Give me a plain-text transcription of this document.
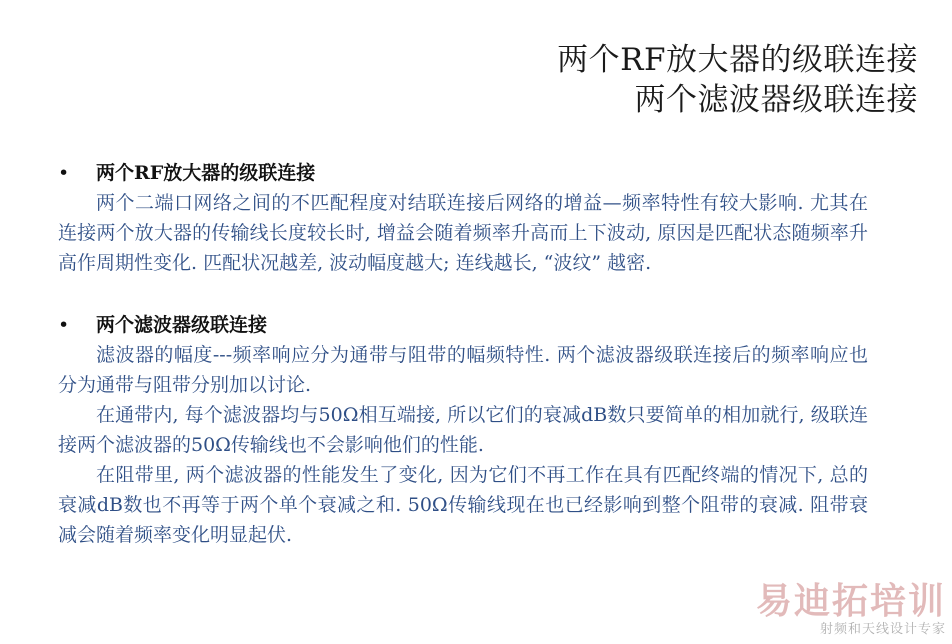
两个RF放大器的级联连接
两个滤波器级联连接
• 两个RF放大器的级联连接

两个二端口网络之间的不匹配程度对结联连接后网络的增益—频率特性有较大影响. 尤其在连接两个放大器的传输线长度较长时, 增益会随着频率升高而上下波动, 原因是匹配状态随频率升高作周期性变化. 匹配状况越差, 波动幅度越大; 连线越长, “波纹” 越密.

• 两个滤波器级联连接

滤波器的幅度---频率响应分为通带与阻带的幅频特性. 两个滤波器级联连接后的频率响应也分为通带与阻带分别加以讨论.

在通带内, 每个滤波器均与50Ω相互端接, 所以它们的衰减dB数只要简单的相加就行, 级联连接两个滤波器的50Ω传输线也不会影响他们的性能.

在阻带里, 两个滤波器的性能发生了变化, 因为它们不再工作在具有匹配终端的情况下, 总的衰减dB数也不再等于两个单个衰减之和. 50Ω传输线现在也已经影响到整个阻带的衰减. 阻带衰减会随着频率变化明显起伏.

易迪拓培训
射频和天线设计专家
